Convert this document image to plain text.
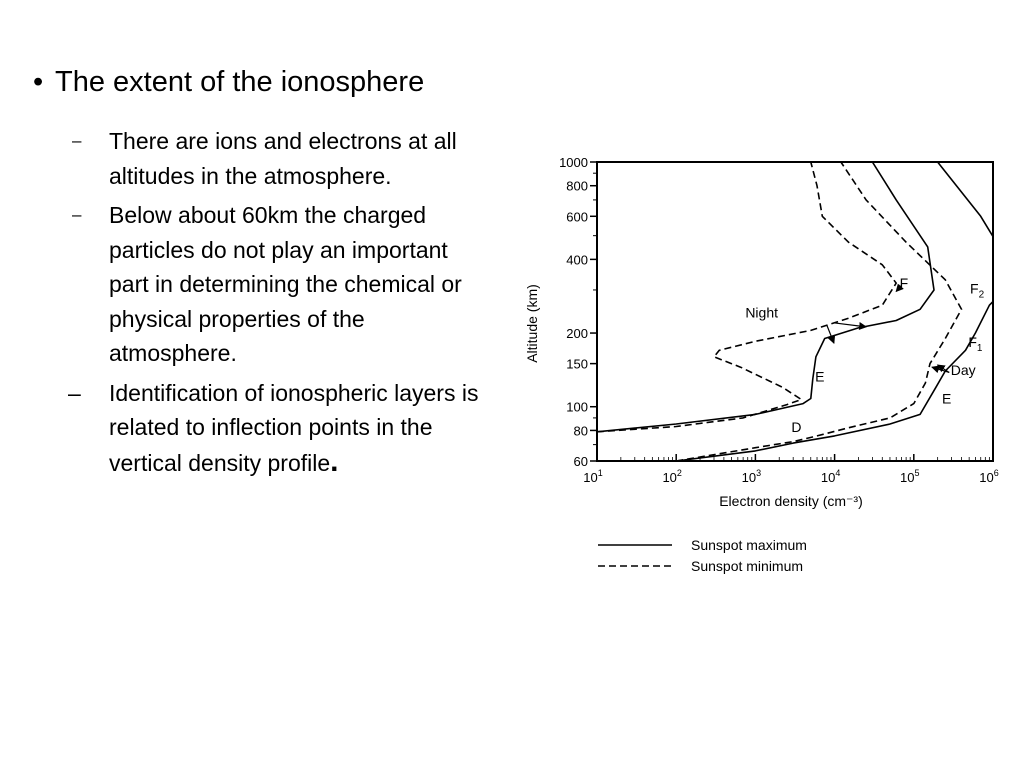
• The extent of the ionosphere
– There are ions and electrons at all altitudes in the atmosphere.
– Below about 60km the charged particles do not play an important part in determining the chemical or physical properties of the atmosphere.
– Identification of ionospheric layers is related to inflection points in the vertical density profile.	60
80
100
150
200
400
600
800
1000
$10^1$	$10^2$	$10^3$	$10^4$	$10^5$	$10^6$
Electron density (cm⁻³)
Altitude (km)
F	$F_2$
$F_1$
Night
E	Day
E
D
Sunspot maximum
Sunspot minimum
